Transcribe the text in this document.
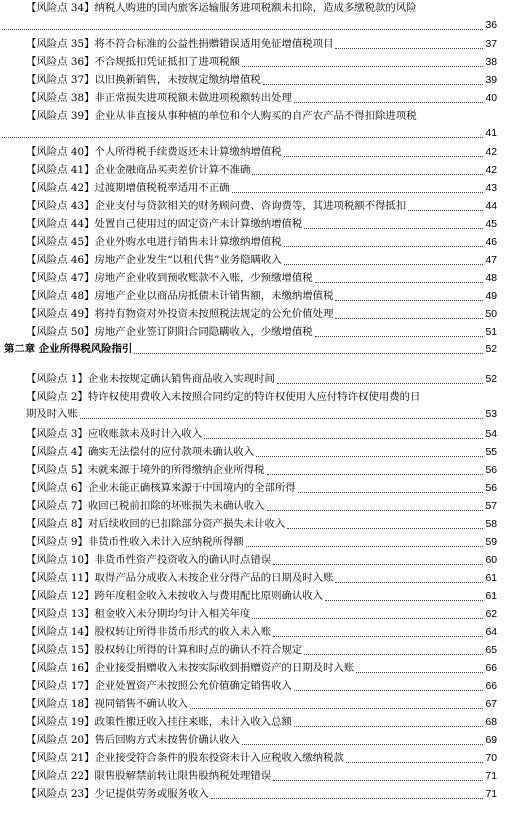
【风险点 34】纳税人购进的国内旅客运输服务进项税额未扣除，造成多缴税款的风险
36
【风险点 35】将不符合标准的公益性捐赠错误适用免征增值税项目	37
【风险点 36】不合规抵扣凭证抵扣了进项税额	38
【风险点 37】以旧换新销售，未按规定缴纳增值税	39
【风险点 38】非正常损失进项税额未做进项税额转出处理	40
【风险点 39】企业从非直接从事种植的单位和个人购买的自产农产品不得扣除进项税
41
【风险点 40】个人所得税手续费返还未计算缴纳增值税	42
【风险点 41】企业金融商品买卖差价计算不准确	42
【风险点 42】过渡期增值税税率适用不正确	43
【风险点 43】企业支付与贷款相关的财务顾问费、咨询费等，其进项税额不得抵扣	44
【风险点 44】处置自己使用过的固定资产未计算缴纳增值税	45
【风险点 45】企业外购水电进行销售未计算缴纳增值税	46
【风险点 46】房地产企业发生“以租代售”业务隐瞒收入	47
【风险点 47】房地产企业收到预收账款不入账，少预缴增值税	48
【风险点 48】房地产企业以商品房抵债未计销售额，未缴纳增值税	49
【风险点 49】将持有物资对外投资未按照税法规定的公允价值处理	50
【风险点 50】房地产企业签订阴阳合同隐瞒收入，少缴增值税	51
第二章 企业所得税风险指引	52
【风险点 1】企业未按规定确认销售商品收入实现时间	52
【风险点 2】特许权使用费收入未按照合同约定的特许权使用人应付特许权使用费的日
期及时入账	53
【风险点 3】应收账款未及时计入收入	54
【风险点 4】确实无法偿付的应付款项未确认收入	55
【风险点 5】未就来源于境外的所得缴纳企业所得税	56
【风险点 6】企业未能正确核算来源于中国境内的全部所得	56
【风险点 7】收回已税前扣除的坏账损失未确认收入	57
【风险点 8】对后续收回的已扣除部分资产损失未计收入	58
【风险点 9】非货币性收入未计入应纳税所得额	59
【风险点 10】非货币性资产投资收入的确认时点错误	60
【风险点 11】取得产品分成收入未按企业分得产品的日期及时入账	61
【风险点 12】跨年度租金收入未按收入与费用配比原则确认收入	61
【风险点 13】租金收入未分期均匀计入相关年度	62
【风险点 14】股权转让所得非货币形式的收入未入账	64
【风险点 15】股权转让所得的计算和时点的确认不符合规定	65
【风险点 16】企业接受捐赠收入未按实际收到捐赠资产的日期及时入账	66
【风险点 17】企业处置资产未按照公允价值确定销售收入	66
【风险点 18】视同销售不确认收入	67
【风险点 19】政策性搬迁收入挂往来账，未计入收入总额	68
【风险点 20】售后回购方式未按售价确认收入	69
【风险点 21】企业接受符合条件的股东投资未计入应税收入缴纳税款	70
【风险点 22】限售股解禁前转让限售股纳税处理错误	71
【风险点 23】少记提供劳务或服务收入	71
